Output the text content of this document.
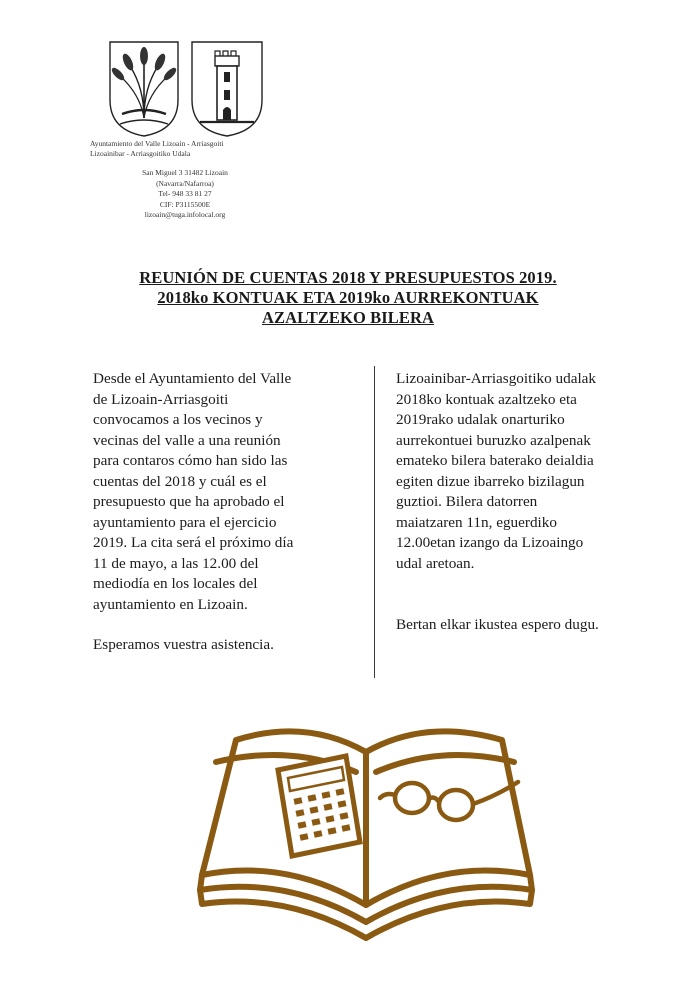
Ayuntamiento del Valle Lizoain - Arriasgoiti
Lizoainibar - Arriasgoitiko Udala
San Miguel 3 31482 Lizoain
(Navarra/Nafarroa)
Tel- 948 33 81 27
CIF: P3115500E
lizoain@tuga.infolocal.org
REUNIÓN DE CUENTAS 2018 Y PRESUPUESTOS 2019.
2018ko KONTUAK ETA 2019ko AURREKONTUAK
AZALTZEKO BILERA
Desde el Ayuntamiento del Valle
de Lizoain-Arriasgoiti
convocamos a los vecinos y
vecinas del valle a una reunión
para contaros cómo han sido las
cuentas del 2018 y cuál es el
presupuesto que ha aprobado el
ayuntamiento para el ejercicio
2019. La cita será el próximo día
11 de mayo, a las 12.00 del
mediodía en los locales del
ayuntamiento en Lizoain.
Esperamos vuestra asistencia.
Lizoainibar-Arriasgoitiko udalak
2018ko kontuak azaltzeko eta
2019rako udalak onarturiko
aurrekontuei buruzko azalpenak
emateko bilera baterako deialdia
egiten dizue ibarreko bizilagun
guztioi. Bilera datorren
maiatzaren 11n, eguerdiko
12.00etan izango da Lizoaingo
udal aretoan.
Bertan elkar ikustea espero dugu.
